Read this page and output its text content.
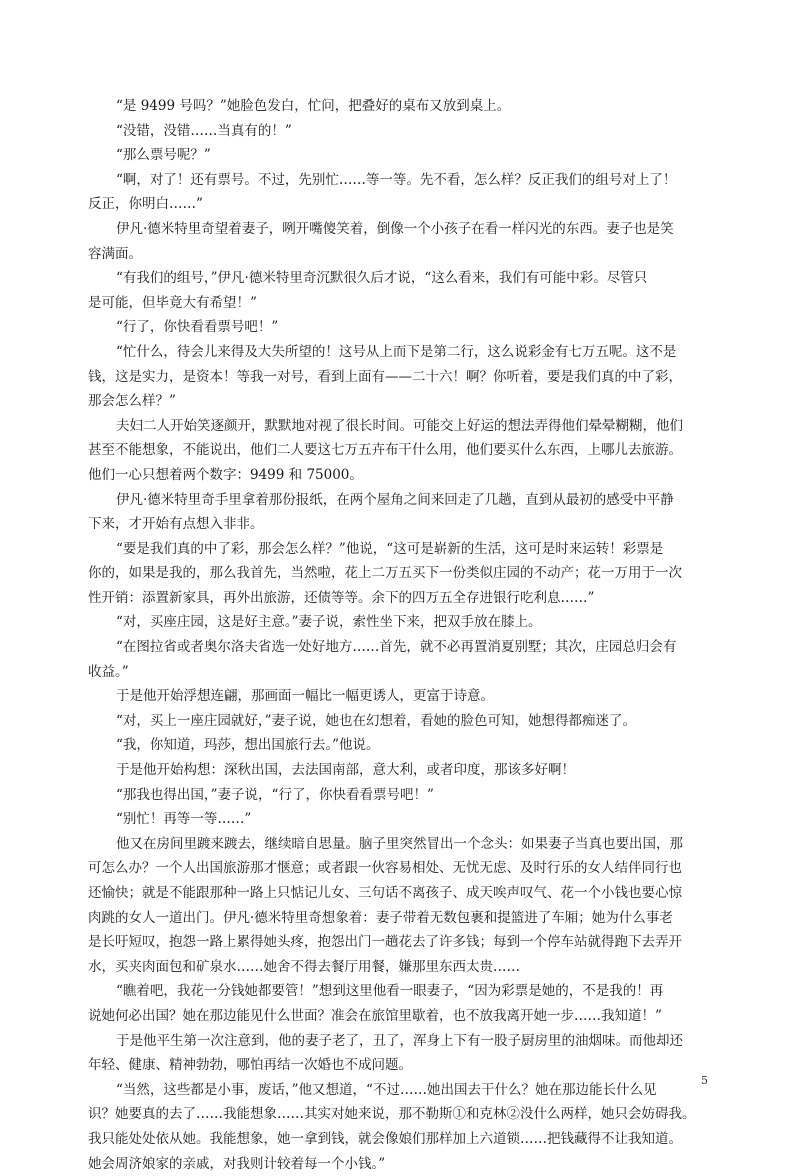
“是 9499 号吗？”她脸色发白，忙问，把叠好的桌布又放到桌上。

“没错，没错……当真有的！”

“那么票号呢？”

“啊，对了！还有票号。不过，先别忙……等一等。先不看，怎么样？反正我们的组号对上了！

反正，你明白……”

伊凡·德米特里奇望着妻子，咧开嘴傻笑着，倒像一个小孩子在看一样闪光的东西。妻子也是笑

容满面。

“有我们的组号，”伊凡·德米特里奇沉默很久后才说，“这么看来，我们有可能中彩。尽管只

是可能，但毕竟大有希望！”

“行了，你快看看票号吧！”

“忙什么，待会儿来得及大失所望的！这号从上而下是第二行，这么说彩金有七万五呢。这不是

钱，这是实力，是资本！等我一对号，看到上面有——二十六！啊？你听着，要是我们真的中了彩，

那会怎么样？”

夫妇二人开始笑逐颜开，默默地对视了很长时间。可能交上好运的想法弄得他们晕晕糊糊，他们

甚至不能想象，不能说出，他们二人要这七万五卉布干什么用，他们要买什么东西，上哪儿去旅游。

他们一心只想着两个数字：9499 和 75000。

伊凡·德米特里奇手里拿着那份报纸，在两个屋角之间来回走了几趟，直到从最初的感受中平静

下来，才开始有点想入非非。

“要是我们真的中了彩，那会怎么样？”他说，“这可是崭新的生活，这可是时来运转！彩票是

你的，如果是我的，那么我首先，当然啦，花上二万五买下一份类似庄园的不动产；花一万用于一次

性开销：添置新家具，再外出旅游，还债等等。余下的四万五全存进银行吃利息……”

“对，买座庄园，这是好主意。”妻子说，索性坐下来，把双手放在膝上。

“在图拉省或者奥尔洛夫省选一处好地方……首先，就不必再置消夏别墅；其次，庄园总归会有

收益。”

于是他开始浮想连翩，那画面一幅比一幅更诱人，更富于诗意。

“对，买上一座庄园就好，”妻子说，她也在幻想着，看她的脸色可知，她想得都痴迷了。

“我，你知道，玛莎，想出国旅行去。”他说。

于是他开始构想：深秋出国，去法国南部，意大利，或者印度，那该多好啊！

“那我也得出国，”妻子说，“行了，你快看看票号吧！”

“别忙！再等一等……”

他又在房间里踱来踱去，继续暗自思量。脑子里突然冒出一个念头：如果妻子当真也要出国，那

可怎么办？一个人出国旅游那才惬意；或者跟一伙容易相处、无忧无虑、及时行乐的女人结伴同行也

还愉快；就是不能跟那种一路上只惦记儿女、三句话不离孩子、成天唉声叹气、花一个小钱也要心惊

肉跳的女人一道出门。伊凡·德米特里奇想象着：妻子带着无数包裹和提篮进了车厢；她为什么事老

是长吁短叹，抱怨一路上累得她头疼，抱怨出门一趟花去了许多钱；每到一个停车站就得跑下去弄开

水，买夹肉面包和矿泉水……她舍不得去餐厅用餐，嫌那里东西太贵……

“瞧着吧，我花一分钱她都要管！”想到这里他看一眼妻子，“因为彩票是她的，不是我的！再

说她何必出国？她在那边能见什么世面？准会在旅馆里歇着，也不放我离开她一步……我知道！”

于是他平生第一次注意到，他的妻子老了，丑了，浑身上下有一股子厨房里的油烟味。而他却还

年轻、健康、精神勃勃，哪怕再结一次婚也不成问题。

“当然，这些都是小事，废话，”他又想道，“不过……她出国去干什么？她在那边能长什么见

识？她要真的去了……我能想象……其实对她来说，那不勒斯①和克林②没什么两样，她只会妨碍我。

我只能处处依从她。我能想象，她一拿到钱，就会像娘们那样加上六道锁……把钱藏得不让我知道。

她会周济娘家的亲戚，对我则计较着每一个小钱。”

5
